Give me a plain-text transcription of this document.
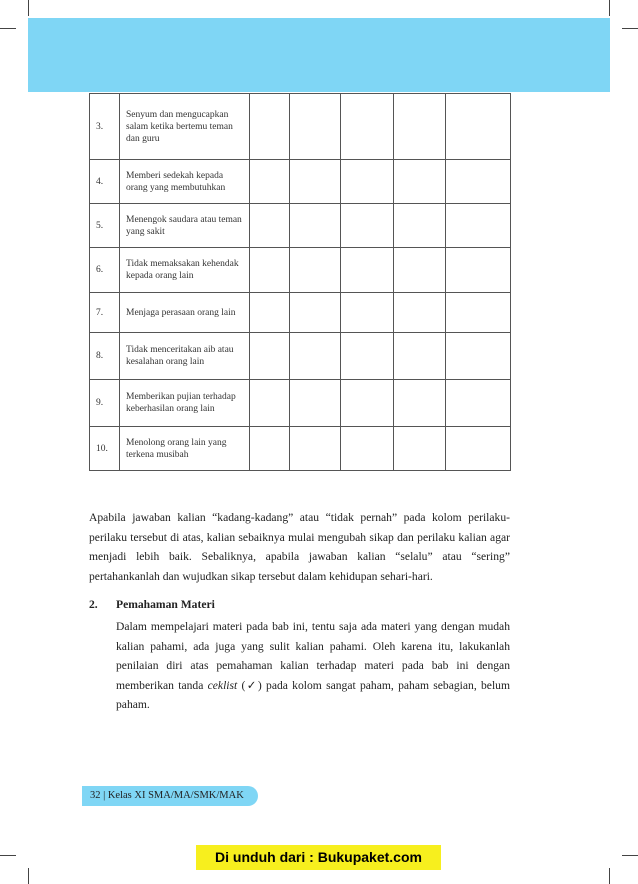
3.	Senyum dan mengucapkan salam ketika bertemu teman dan guru					
4.	Memberi sedekah kepada orang yang membutuhkan					
5.	Menengok saudara atau teman yang sakit					
6.	Tidak memaksakan kehendak kepada orang lain					
7.	Menjaga perasaan orang lain					
8.	Tidak menceritakan aib atau kesalahan orang lain					
9.	Memberikan pujian terhadap keberhasilan orang lain					
10.	Menolong orang lain yang terkena musibah					
Apabila jawaban kalian “kadang-kadang” atau “tidak pernah” pada kolom perilaku-perilaku tersebut di atas, kalian sebaiknya mulai mengubah sikap dan perilaku kalian agar menjadi lebih baik. Sebaliknya, apabila jawaban kalian “selalu” atau “sering” pertahankanlah dan wujudkan sikap tersebut dalam kehidupan sehari-hari.
2. Pemahaman Materi
Dalam mempelajari materi pada bab ini, tentu saja ada materi yang dengan mudah kalian pahami, ada juga yang sulit kalian pahami. Oleh karena itu, lakukanlah penilaian diri atas pemahaman kalian terhadap materi pada bab ini dengan memberikan tanda ceklist (✓) pada kolom sangat paham, paham sebagian, belum paham.
32 | Kelas XI SMA/MA/SMK/MAK
Di unduh dari : Bukupaket.com
